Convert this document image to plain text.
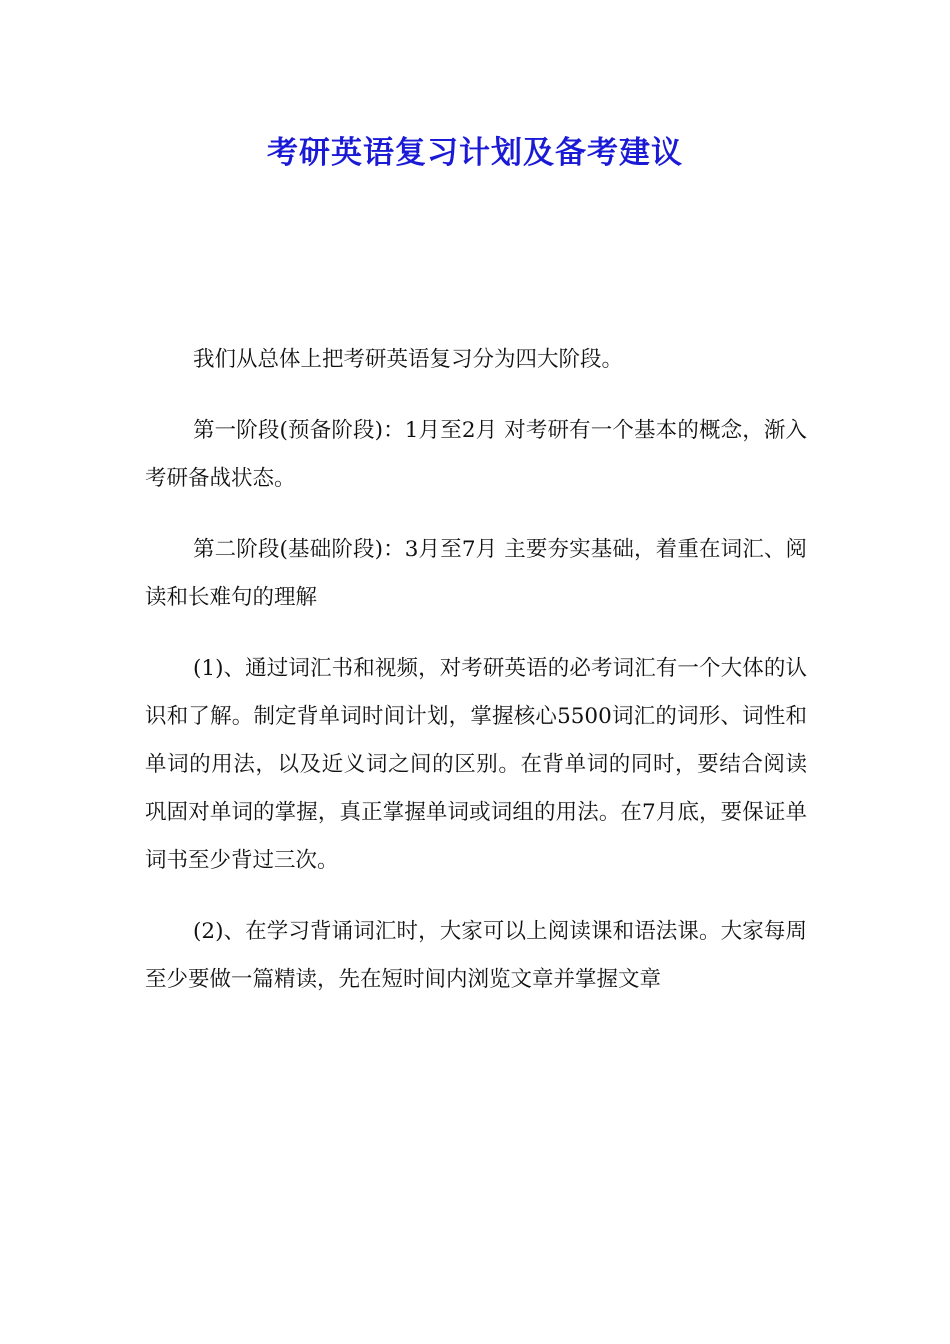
考研英语复习计划及备考建议

我们从总体上把考研英语复习分为四大阶段。

第一阶段(预备阶段)：1月至2月 对考研有一个基本的概念，渐入考研备战状态。

第二阶段(基础阶段)：3月至7月 主要夯实基础，着重在词汇、阅读和长难句的理解

(1)、通过词汇书和视频，对考研英语的必考词汇有一个大体的认识和了解。制定背单词时间计划，掌握核心5500词汇的词形、词性和单词的用法，以及近义词之间的区别。在背单词的同时，要结合阅读巩固对单词的掌握，真正掌握单词或词组的用法。在7月底，要保证单词书至少背过三次。

(2)、在学习背诵词汇时，大家可以上阅读课和语法课。大家每周至少要做一篇精读，先在短时间内浏览文章并掌握文章
